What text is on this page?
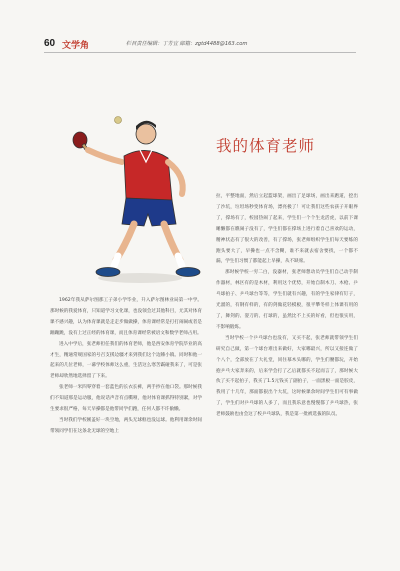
60 文学角	栏目责任编辑：丁芳宜 邮箱：zgtd4488@163.com
我的体育老师

1962年我从萨尔图那工子弟小学毕业，升入萨尔图林业局第一中学。那时候的我爱体育，只知道学习文化课，也没领会过其他科目，尤其对体育课不感兴趣，认为体育课就是走走步做做操，体育课经常是打打闹闹或者是蹦蹦跳，没有上过正经的体育课，而且体育课经常被语文和数学老师占用。

进入中学后，张老师担任我们的体育老师，他是西安体育学院毕业的高才生，精通常规国家的号召支援边疆才来到我们这个边陲小镇。同时和他一起来的几位老师，一幕学校体师这么重，生活这么寒苦霸碰我来了，可是张老师却欣然地选择留了下来。

张老师一米四零穿着一套蓝色的长衣长裤，两手抄在他口袋。那时候我们不知道那是运动服，他说话声音有点嘶哑，他对体育课抓得特别紧，对学生要求很严格，每天早操都是他带同学们跑，任何人都不许偷懒。

当时我们学校刚盖好一块空地，两头无球框也没运球。他利用课余时间带领同学们在这条北无球的空地上

拉，平整地面，然后立起篮球架，画出了足球场，画出来跑道，挖出了沙坑，垃坦场秒变体育场，漂亮极了！可让我们这些农孩子开眼界了，撑场有了，校园热闹了起来，学生们一个个生龙活虎，以前下课睡懒都在瞧闹子没有了，学生们都在撑场上进行着自己喜欢的运动，精神状态有了很大的改善，有了撑场，张老师组织学生们每天要练的跑头要大了，早操也一点不含糊，谁不来就去宿舍要找，一个都不漏，学生们习惯了都能起上早操，从不缺席。

那时候学校一穷二白，没器材，张老师想动员学生们自己动手制作器材，林区有的是木材，利用这个优势，开始自制木刀、木枪、乒乓球拍子、乒乓球台等等，学生们就有兴趣，有的学生家律有钉子，光溜的，有钢有样的，有的剑做花轻模板，很平攀冬样上体课有用的了，舞剑的、耍刀的、打球的，虽然比不上买的好看，但也很实用，不影响锻炼。

当时学校一个乒乓球台也没有，又买不起，张老师就带领学生们研究自己做，第一个球台难出来做好，大家哪最兴，所以又接连做了个八个，全部放在了大礼堂，同住慕木头哪的，学生们腰都玩，开始抱乒乓大家奔来的，后来学会打了乙后就都买不起而言了，那时候大伙了买不起拍子，我买了1.5元钱买了副拍子，一面黑板一面是胶皮，我用了十几年，那面都狠出个大坑，这时候课余时间学生们可有事做了，学生们对乒乓球的人多了，而且我乐意也慢慢都了乒乓球热，张老师鼓励也由会这了校乒乓球队，我是第一批被选拔的队员。
